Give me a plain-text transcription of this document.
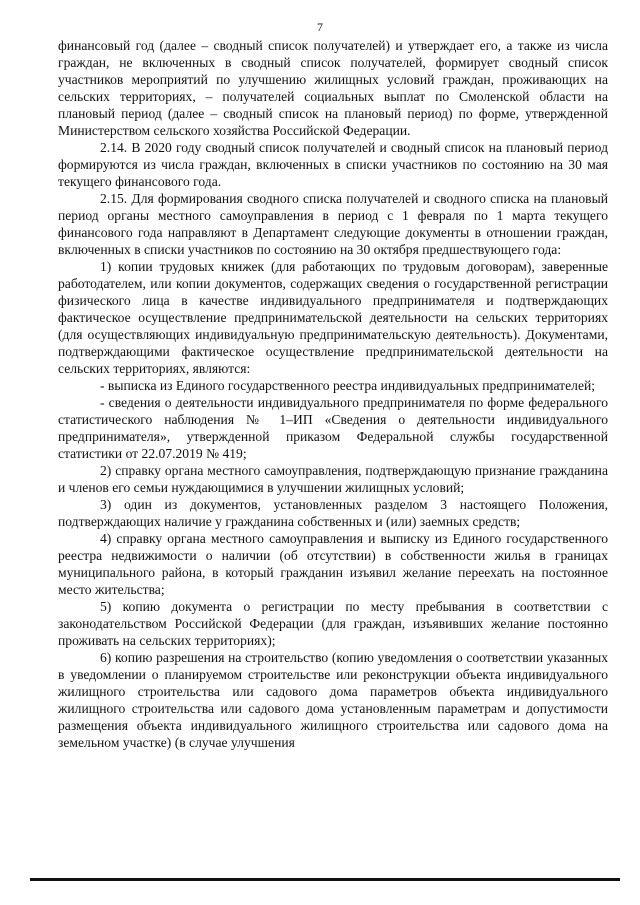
7

финансовый год (далее – сводный список получателей) и утверждает его, а также из числа граждан, не включенных в сводный список получателей, формирует сводный список участников мероприятий по улучшению жилищных условий граждан, проживающих на сельских территориях, – получателей социальных выплат по Смоленской области на плановый период (далее – сводный список на плановый период) по форме, утвержденной Министерством сельского хозяйства Российской Федерации.

2.14. В 2020 году сводный список получателей и сводный список на плановый период формируются из числа граждан, включенных в списки участников по состоянию на 30 мая текущего финансового года.

2.15. Для формирования сводного списка получателей и сводного списка на плановый период органы местного самоуправления в период с 1 февраля по 1 марта текущего финансового года направляют в Департамент следующие документы в отношении граждан, включенных в списки участников по состоянию на 30 октября предшествующего года:

1) копии трудовых книжек (для работающих по трудовым договорам), заверенные работодателем, или копии документов, содержащих сведения о государственной регистрации физического лица в качестве индивидуального предпринимателя и подтверждающих фактическое осуществление предпринимательской деятельности на сельских территориях (для осуществляющих индивидуальную предпринимательскую деятельность). Документами, подтверждающими фактическое осуществление предпринимательской деятельности на сельских территориях, являются:

- выписка из Единого государственного реестра индивидуальных предпринимателей;

- сведения о деятельности индивидуального предпринимателя по форме федерального статистического наблюдения № 1–ИП «Сведения о деятельности индивидуального предпринимателя», утвержденной приказом Федеральной службы государственной статистики от 22.07.2019 № 419;

2) справку органа местного самоуправления, подтверждающую признание гражданина и членов его семьи нуждающимися в улучшении жилищных условий;

3) один из документов, установленных разделом 3 настоящего Положения, подтверждающих наличие у гражданина собственных и (или) заемных средств;

4) справку органа местного самоуправления и выписку из Единого государственного реестра недвижимости о наличии (об отсутствии) в собственности жилья в границах муниципального района, в который гражданин изъявил желание переехать на постоянное место жительства;

5) копию документа о регистрации по месту пребывания в соответствии с законодательством Российской Федерации (для граждан, изъявивших желание постоянно проживать на сельских территориях);

6) копию разрешения на строительство (копию уведомления о соответствии указанных в уведомлении о планируемом строительстве или реконструкции объекта индивидуального жилищного строительства или садового дома параметров объекта индивидуального жилищного строительства или садового дома установленным параметрам и допустимости размещения объекта индивидуального жилищного строительства или садового дома на земельном участке) (в случае улучшения
